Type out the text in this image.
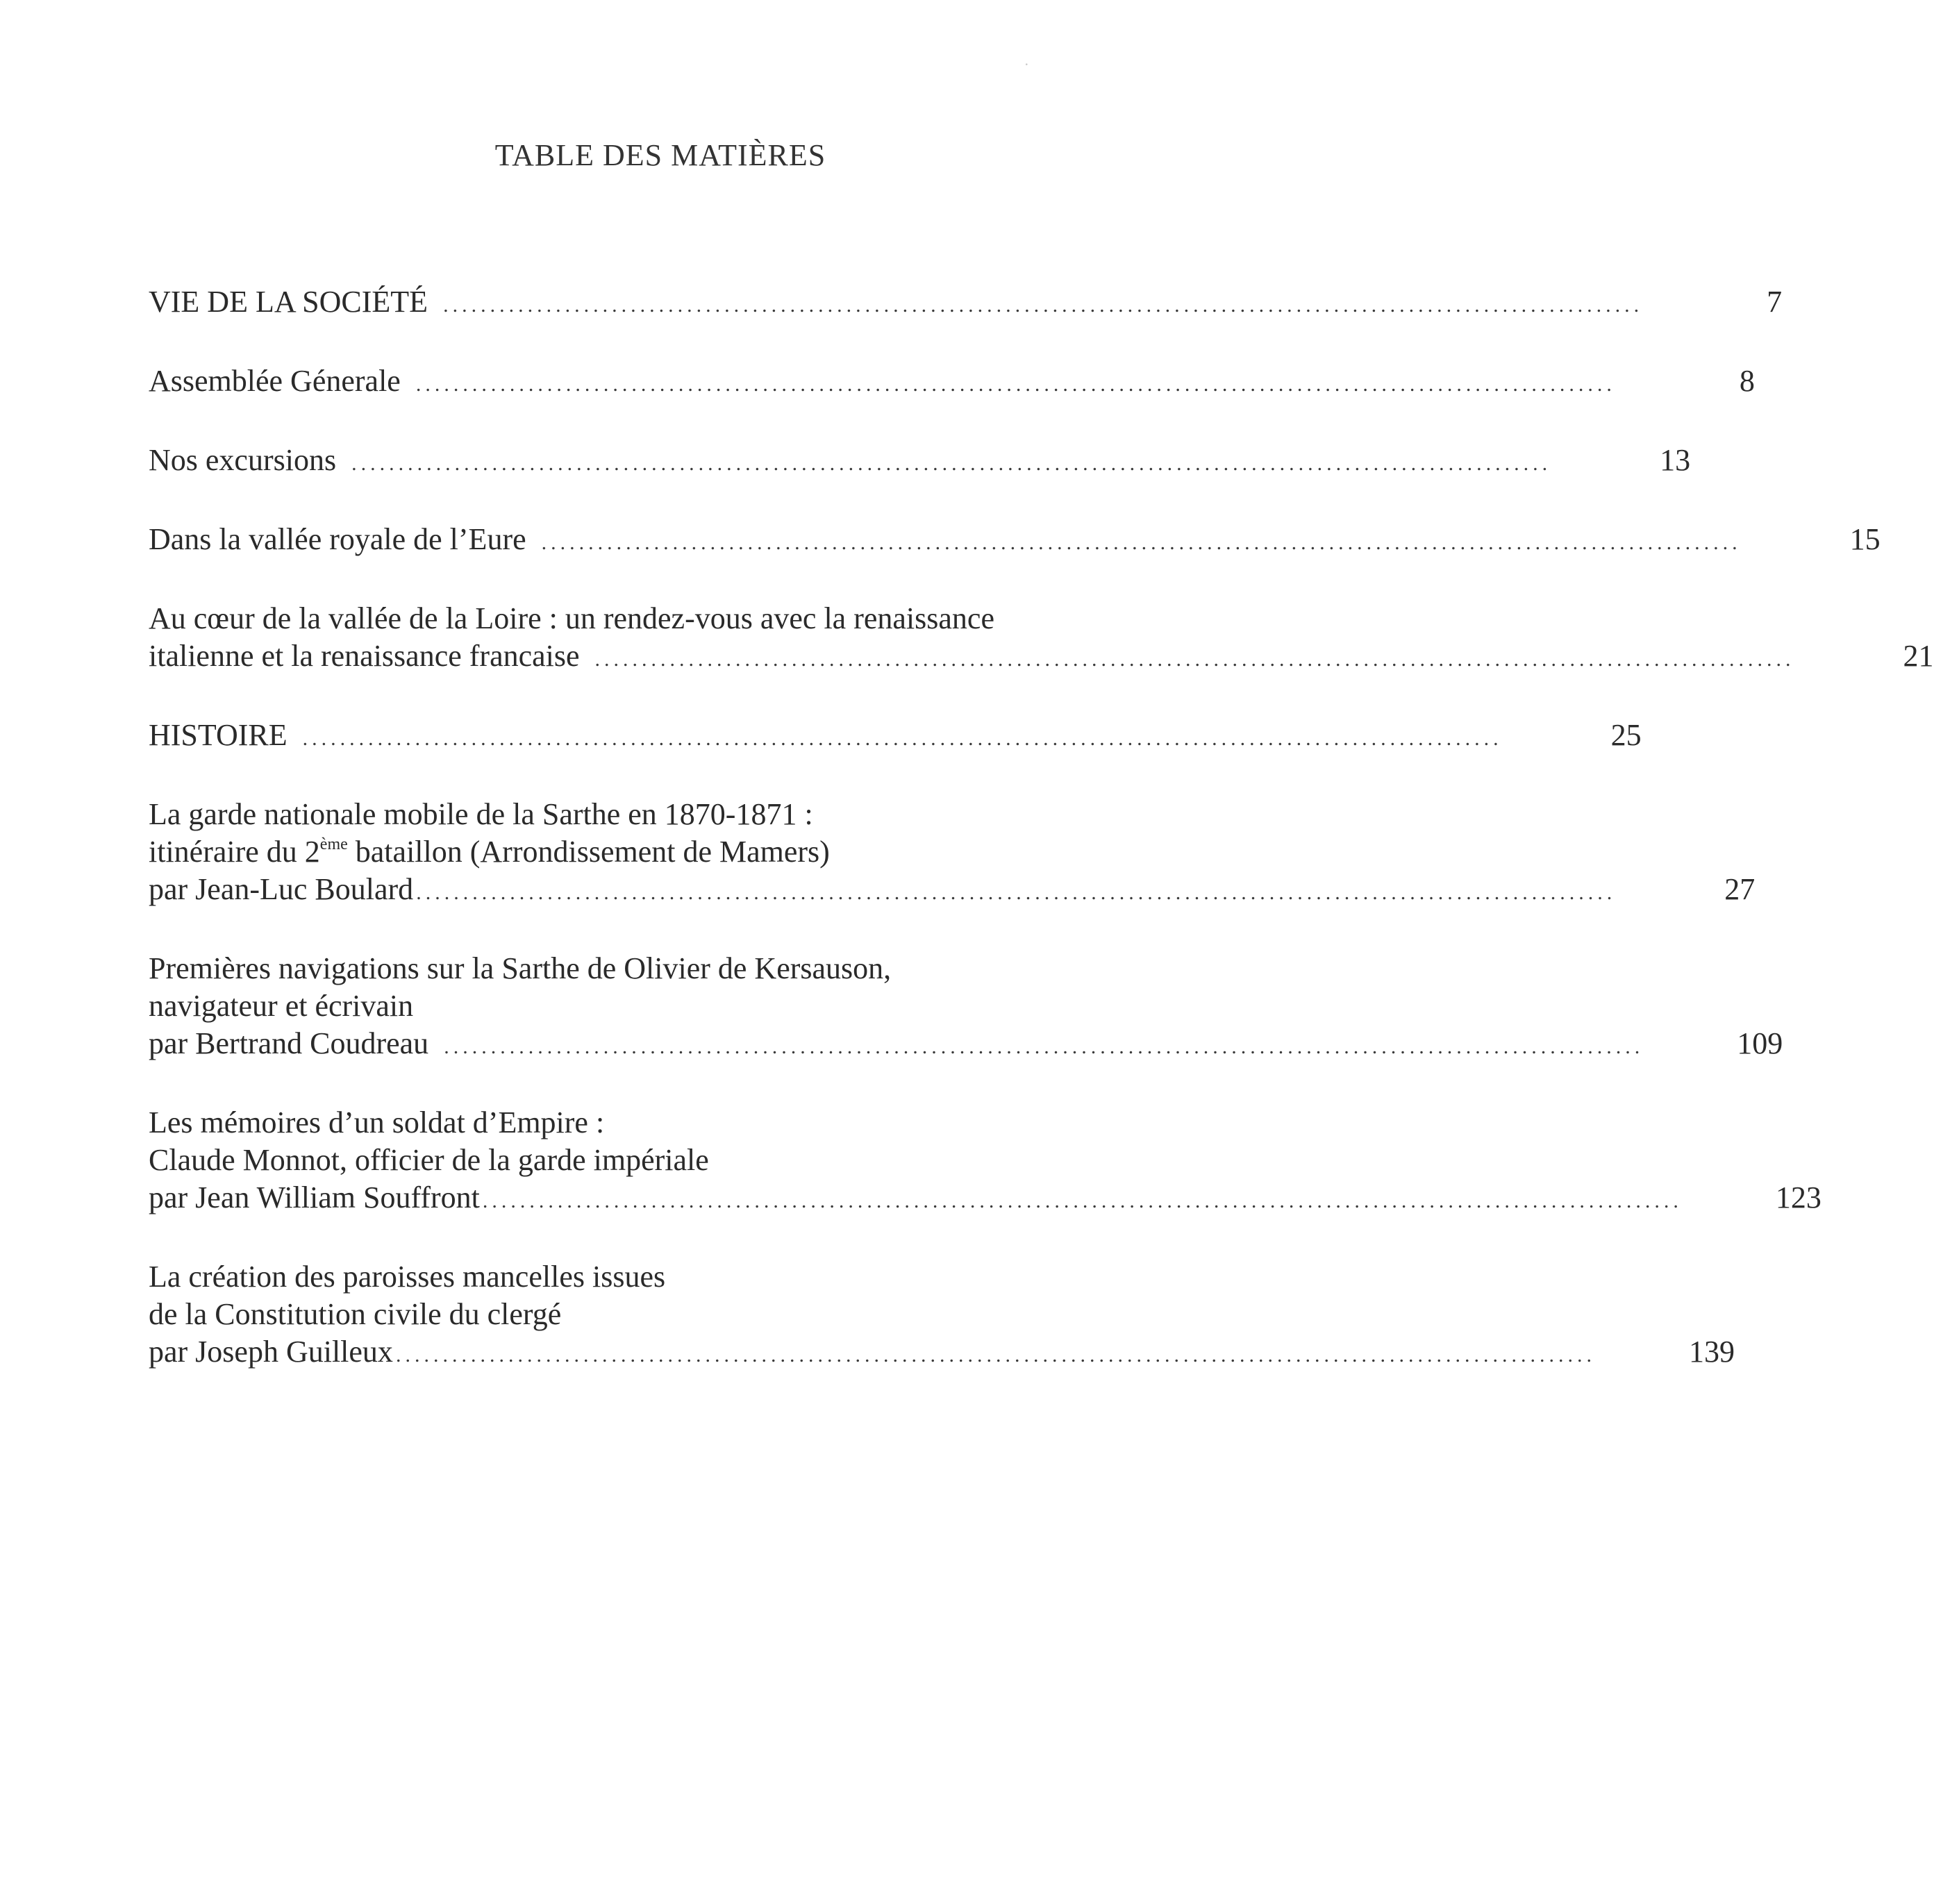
·
TABLE DES MATIÈRES
VIE DE LA SOCIÉTÉ ................................................................................................................................	7
Assemblée Génerale ................................................................................................................................	8
Nos excursions ................................................................................................................................	13
Dans la vallée royale de l’Eure ................................................................................................................................	15
Au cœur de la vallée de la Loire : un rendez-vous avec la renaissance
italienne et la renaissance francaise ................................................................................................................................	21
HISTOIRE ................................................................................................................................	25
La garde nationale mobile de la Sarthe en 1870-1871 :
itinéraire du 2ème bataillon (Arrondissement de Mamers)
par Jean-Luc Boulard ................................................................................................................................	27
Premières navigations sur la Sarthe de Olivier de Kersauson,
navigateur et écrivain
par Bertrand Coudreau ................................................................................................................................	109
Les mémoires d’un soldat d’Empire :
Claude Monnot, officier de la garde impériale
par Jean William Souffront ................................................................................................................................	123
La création des paroisses mancelles issues
de la Constitution civile du clergé
par Joseph Guilleux ................................................................................................................................	139
